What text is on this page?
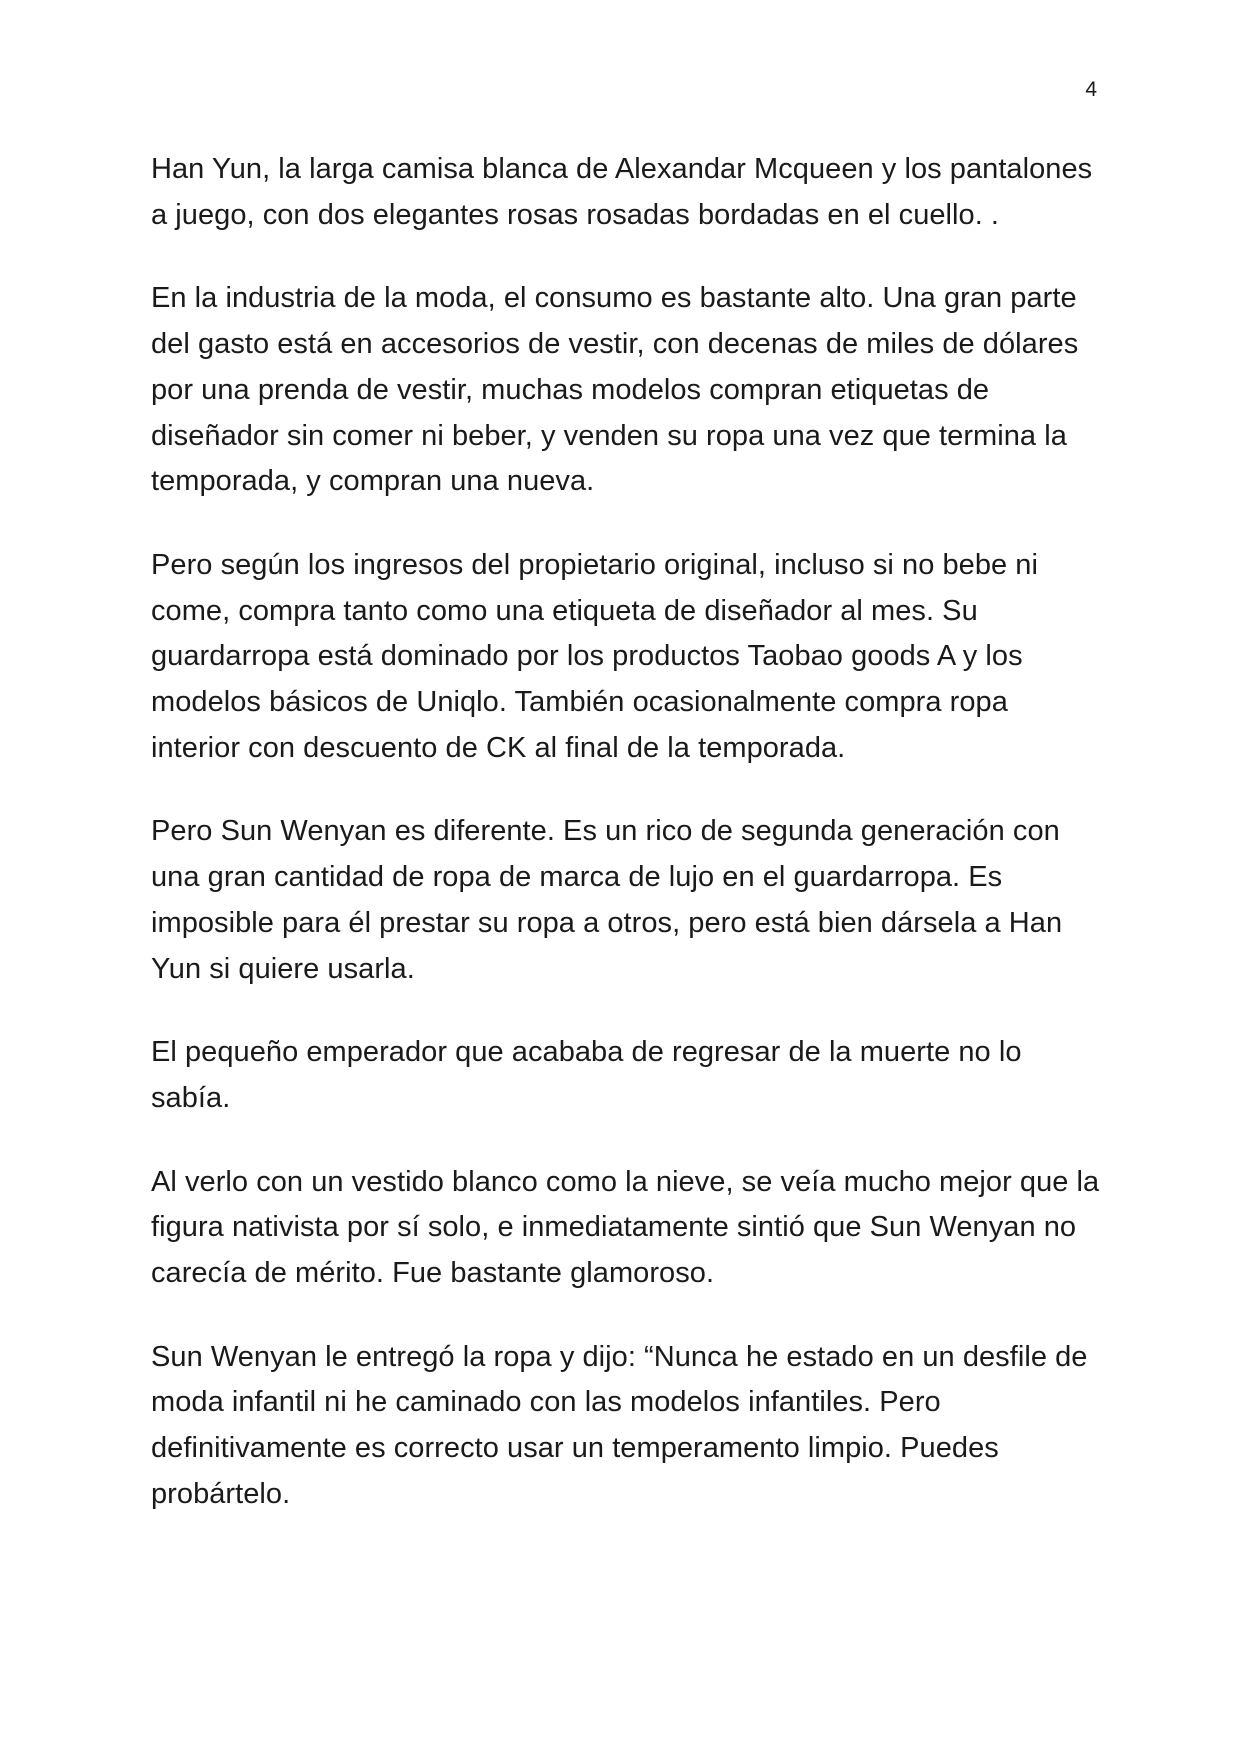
4

Han Yun, la larga camisa blanca de Alexandar Mcqueen y los pantalones a juego, con dos elegantes rosas rosadas bordadas en el cuello. .

En la industria de la moda, el consumo es bastante alto. Una gran parte del gasto está en accesorios de vestir, con decenas de miles de dólares por una prenda de vestir, muchas modelos compran etiquetas de diseñador sin comer ni beber, y venden su ropa una vez que termina la temporada, y compran una nueva.

Pero según los ingresos del propietario original, incluso si no bebe ni come, compra tanto como una etiqueta de diseñador al mes. Su guardarropa está dominado por los productos Taobao goods A y los modelos básicos de Uniqlo. También ocasionalmente compra ropa interior con descuento de CK al final de la temporada.

Pero Sun Wenyan es diferente. Es un rico de segunda generación con una gran cantidad de ropa de marca de lujo en el guardarropa. Es imposible para él prestar su ropa a otros, pero está bien dársela a Han Yun si quiere usarla.

El pequeño emperador que acababa de regresar de la muerte no lo sabía.

Al verlo con un vestido blanco como la nieve, se veía mucho mejor que la figura nativista por sí solo, e inmediatamente sintió que Sun Wenyan no carecía de mérito. Fue bastante glamoroso.

Sun Wenyan le entregó la ropa y dijo: “Nunca he estado en un desfile de moda infantil ni he caminado con las modelos infantiles. Pero definitivamente es correcto usar un temperamento limpio. Puedes probártelo.
